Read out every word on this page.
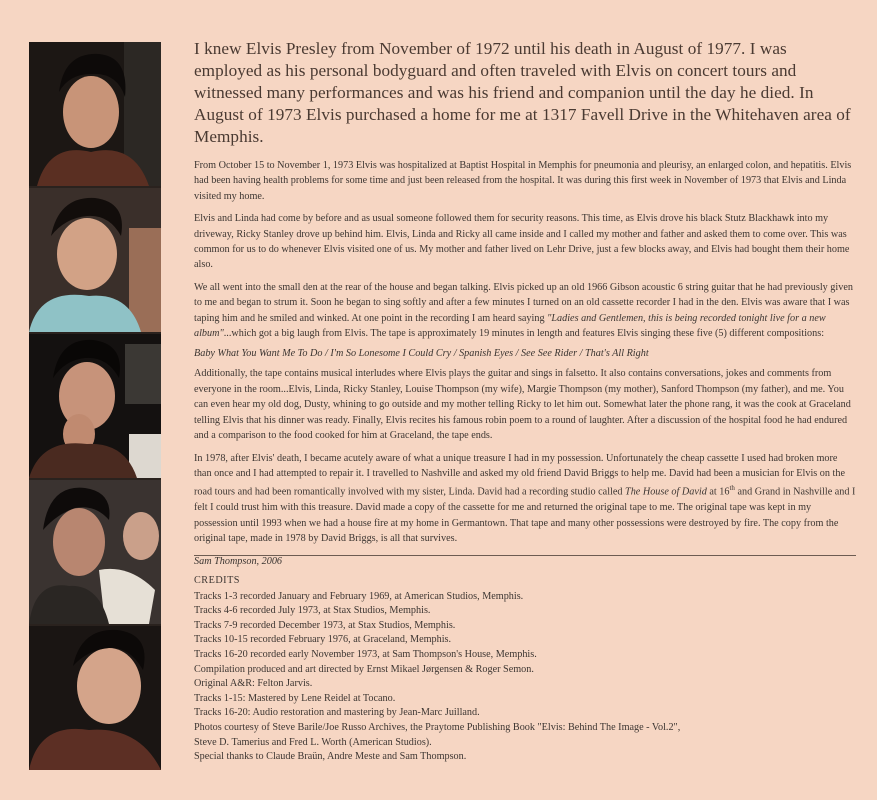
I knew Elvis Presley from November of 1972 until his death in August of 1977. I was employed as his personal bodyguard and often traveled with Elvis on concert tours and witnessed many performances and was his friend and companion until the day he died. In August of 1973 Elvis purchased a home for me at 1317 Favell Drive in the Whitehaven area of Memphis.

From October 15 to November 1, 1973 Elvis was hospitalized at Baptist Hospital in Memphis for pneumonia and pleurisy, an enlarged colon, and hepatitis. Elvis had been having health problems for some time and just been released from the hospital. It was during this first week in November of 1973 that Elvis and Linda visited my home.

Elvis and Linda had come by before and as usual someone followed them for security reasons. This time, as Elvis drove his black Stutz Blackhawk into my driveway, Ricky Stanley drove up behind him. Elvis, Linda and Ricky all came inside and I called my mother and father and asked them to come over. This was common for us to do whenever Elvis visited one of us. My mother and father lived on Lehr Drive, just a few blocks away, and Elvis had bought them their home also.

We all went into the small den at the rear of the house and began talking. Elvis picked up an old 1966 Gibson acoustic 6 string guitar that he had previously given to me and began to strum it. Soon he began to sing softly and after a few minutes I turned on an old cassette recorder I had in the den. Elvis was aware that I was taping him and he smiled and winked. At one point in the recording I am heard saying "Ladies and Gentlemen, this is being recorded tonight live for a new album"...which got a big laugh from Elvis. The tape is approximately 19 minutes in length and features Elvis singing these five (5) different compositions:

Baby What You Want Me To Do / I'm So Lonesome I Could Cry / Spanish Eyes / See See Rider / That's All Right

Additionally, the tape contains musical interludes where Elvis plays the guitar and sings in falsetto. It also contains conversations, jokes and comments from everyone in the room...Elvis, Linda, Ricky Stanley, Louise Thompson (my wife), Margie Thompson (my mother), Sanford Thompson (my father), and me. You can even hear my old dog, Dusty, whining to go outside and my mother telling Ricky to let him out. Somewhat later the phone rang, it was the cook at Graceland telling Elvis that his dinner was ready. Finally, Elvis recites his famous robin poem to a round of laughter. After a discussion of the hospital food he had endured and a comparison to the food cooked for him at Graceland, the tape ends.

In 1978, after Elvis' death, I became acutely aware of what a unique treasure I had in my possession. Unfortunately the cheap cassette I used had broken more than once and I had attempted to repair it. I travelled to Nashville and asked my old friend David Briggs to help me. David had been a musician for Elvis on the road tours and had been romantically involved with my sister, Linda. David had a recording studio called The House of David at 16th and Grand in Nashville and I felt I could trust him with this treasure. David made a copy of the cassette for me and returned the original tape to me. The original tape was kept in my possession until 1993 when we had a house fire at my home in Germantown. That tape and many other possessions were destroyed by fire. The copy from the original tape, made in 1978 by David Briggs, is all that survives.

Sam Thompson, 2006

CREDITS

Tracks 1-3 recorded January and February 1969, at American Studios, Memphis.

Tracks 4-6 recorded July 1973, at Stax Studios, Memphis.

Tracks 7-9 recorded December 1973, at Stax Studios, Memphis.

Tracks 10-15 recorded February 1976, at Graceland, Memphis.

Tracks 16-20 recorded early November 1973, at Sam Thompson's House, Memphis.

Compilation produced and art directed by Ernst Mikael Jørgensen & Roger Semon.

Original A&R: Felton Jarvis.

Tracks 1-15: Mastered by Lene Reidel at Tocano.

Tracks 16-20: Audio restoration and mastering by Jean-Marc Juilland.

Photos courtesy of Steve Barile/Joe Russo Archives, the Praytome Publishing Book "Elvis: Behind The Image - Vol.2",

Steve D. Tamerius and Fred L. Worth (American Studios).

Special thanks to Claude Braün, Andre Meste and Sam Thompson.
